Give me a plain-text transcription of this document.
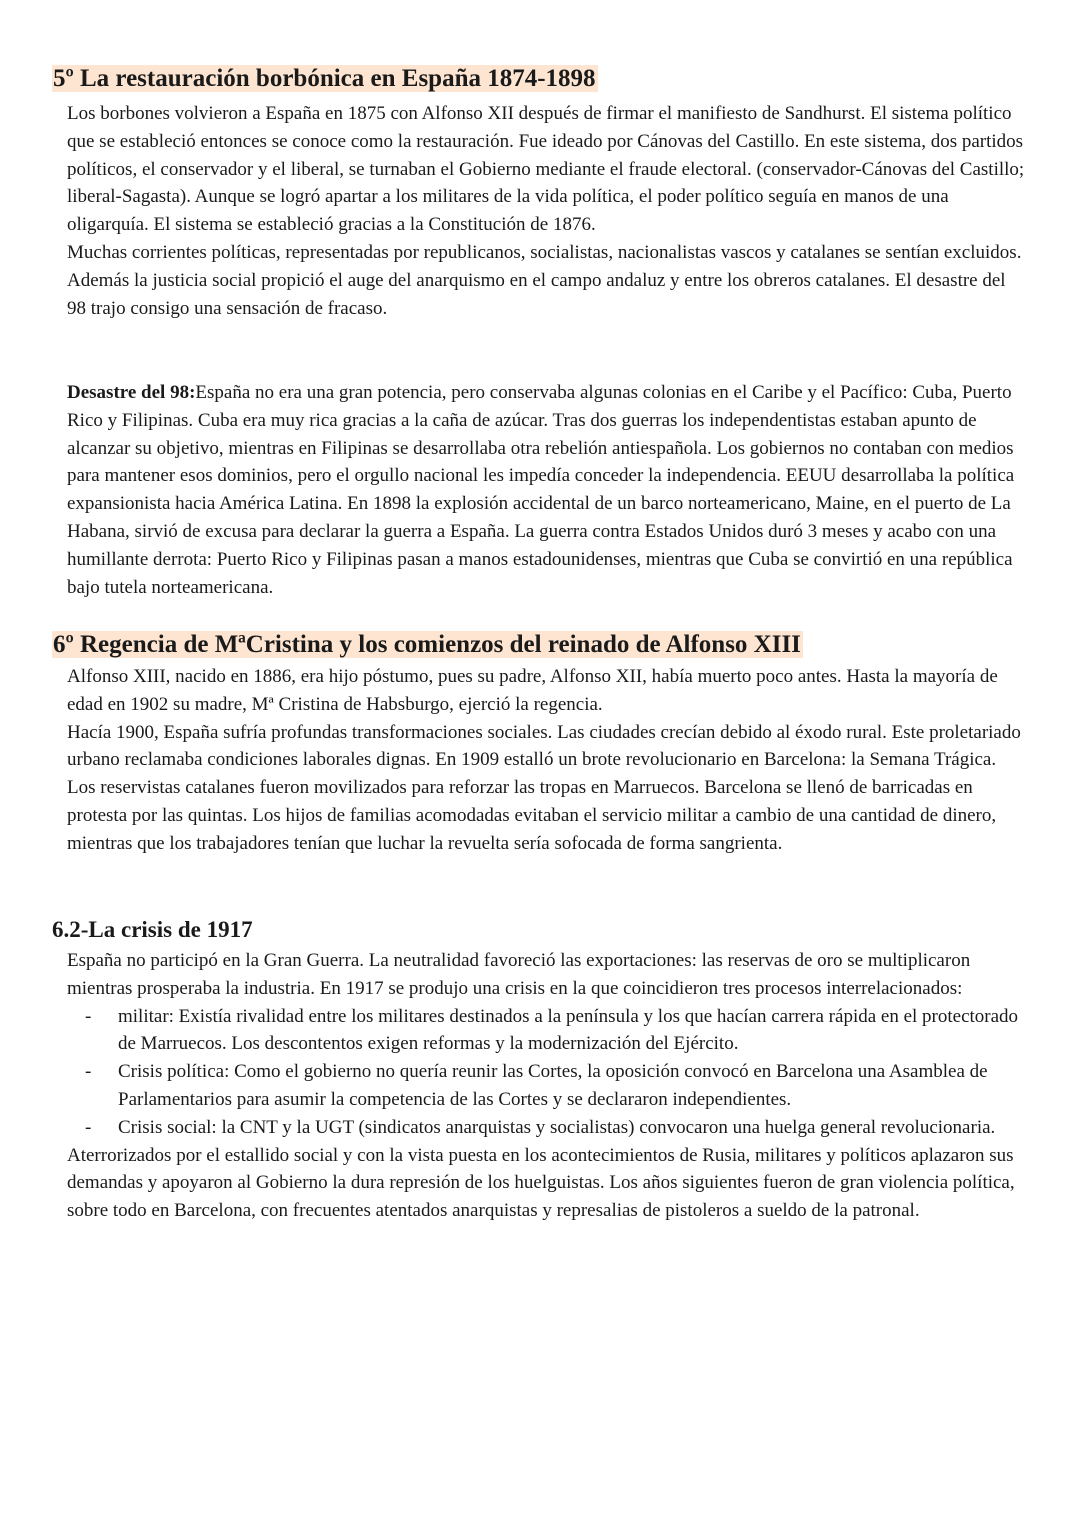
5º La restauración borbónica en España 1874-1898

Los borbones volvieron a España en 1875 con Alfonso XII después de firmar el manifiesto de Sandhurst. El sistema político que se estableció entonces se conoce como la restauración. Fue ideado por Cánovas del Castillo. En este sistema, dos partidos políticos, el conservador y el liberal, se turnaban el Gobierno mediante el fraude electoral. (conservador-Cánovas del Castillo; liberal-Sagasta). Aunque se logró apartar a los militares de la vida política, el poder político seguía en manos de una oligarquía. El sistema se estableció gracias a la Constitución de 1876.

Muchas corrientes políticas, representadas por republicanos, socialistas, nacionalistas vascos y catalanes se sentían excluidos. Además la justicia social propició el auge del anarquismo en el campo andaluz y entre los obreros catalanes. El desastre del 98 trajo consigo una sensación de fracaso.

Desastre del 98:España no era una gran potencia, pero conservaba algunas colonias en el Caribe y el Pacífico: Cuba, Puerto Rico y Filipinas. Cuba era muy rica gracias a la caña de azúcar. Tras dos guerras los independentistas estaban apunto de alcanzar su objetivo, mientras en Filipinas se desarrollaba otra rebelión antiespañola. Los gobiernos no contaban con medios para mantener esos dominios, pero el orgullo nacional les impedía conceder la independencia. EEUU desarrollaba la política expansionista hacia América Latina. En 1898 la explosión accidental de un barco norteamericano, Maine, en el puerto de La Habana, sirvió de excusa para declarar la guerra a España. La guerra contra Estados Unidos duró 3 meses y acabo con una humillante derrota: Puerto Rico y Filipinas pasan a manos estadounidenses, mientras que Cuba se convirtió en una república bajo tutela norteamericana.

6º Regencia de MªCristina y los comienzos del reinado de Alfonso XIII

Alfonso XIII, nacido en 1886, era hijo póstumo, pues su padre, Alfonso XII, había muerto poco antes. Hasta la mayoría de edad en 1902 su madre, Mª Cristina de Habsburgo, ejerció la regencia.

Hacía 1900, España sufría profundas transformaciones sociales. Las ciudades crecían debido al éxodo rural. Este proletariado urbano reclamaba condiciones laborales dignas. En 1909 estalló un brote revolucionario en Barcelona: la Semana Trágica. Los reservistas catalanes fueron movilizados para reforzar las tropas en Marruecos. Barcelona se llenó de barricadas en protesta por las quintas. Los hijos de familias acomodadas evitaban el servicio militar a cambio de una cantidad de dinero, mientras que los trabajadores tenían que luchar la revuelta sería sofocada de forma sangrienta.

6.2-La crisis de 1917

España no participó en la Gran Guerra. La neutralidad favoreció las exportaciones: las reservas de oro se multiplicaron mientras prosperaba la industria. En 1917 se produjo una crisis en la que coincidieron tres procesos interrelacionados:

- militar: Existía rivalidad entre los militares destinados a la península y los que hacían carrera rápida en el protectorado de Marruecos. Los descontentos exigen reformas y la modernización del Ejército.
- Crisis política: Como el gobierno no quería reunir las Cortes, la oposición convocó en Barcelona una Asamblea de Parlamentarios para asumir la competencia de las Cortes y se declararon independientes.
- Crisis social: la CNT y la UGT (sindicatos anarquistas y socialistas) convocaron una huelga general revolucionaria.

Aterrorizados por el estallido social y con la vista puesta en los acontecimientos de Rusia, militares y políticos aplazaron sus demandas y apoyaron al Gobierno la dura represión de los huelguistas. Los años siguientes fueron de gran violencia política, sobre todo en Barcelona, con frecuentes atentados anarquistas y represalias de pistoleros a sueldo de la patronal.
